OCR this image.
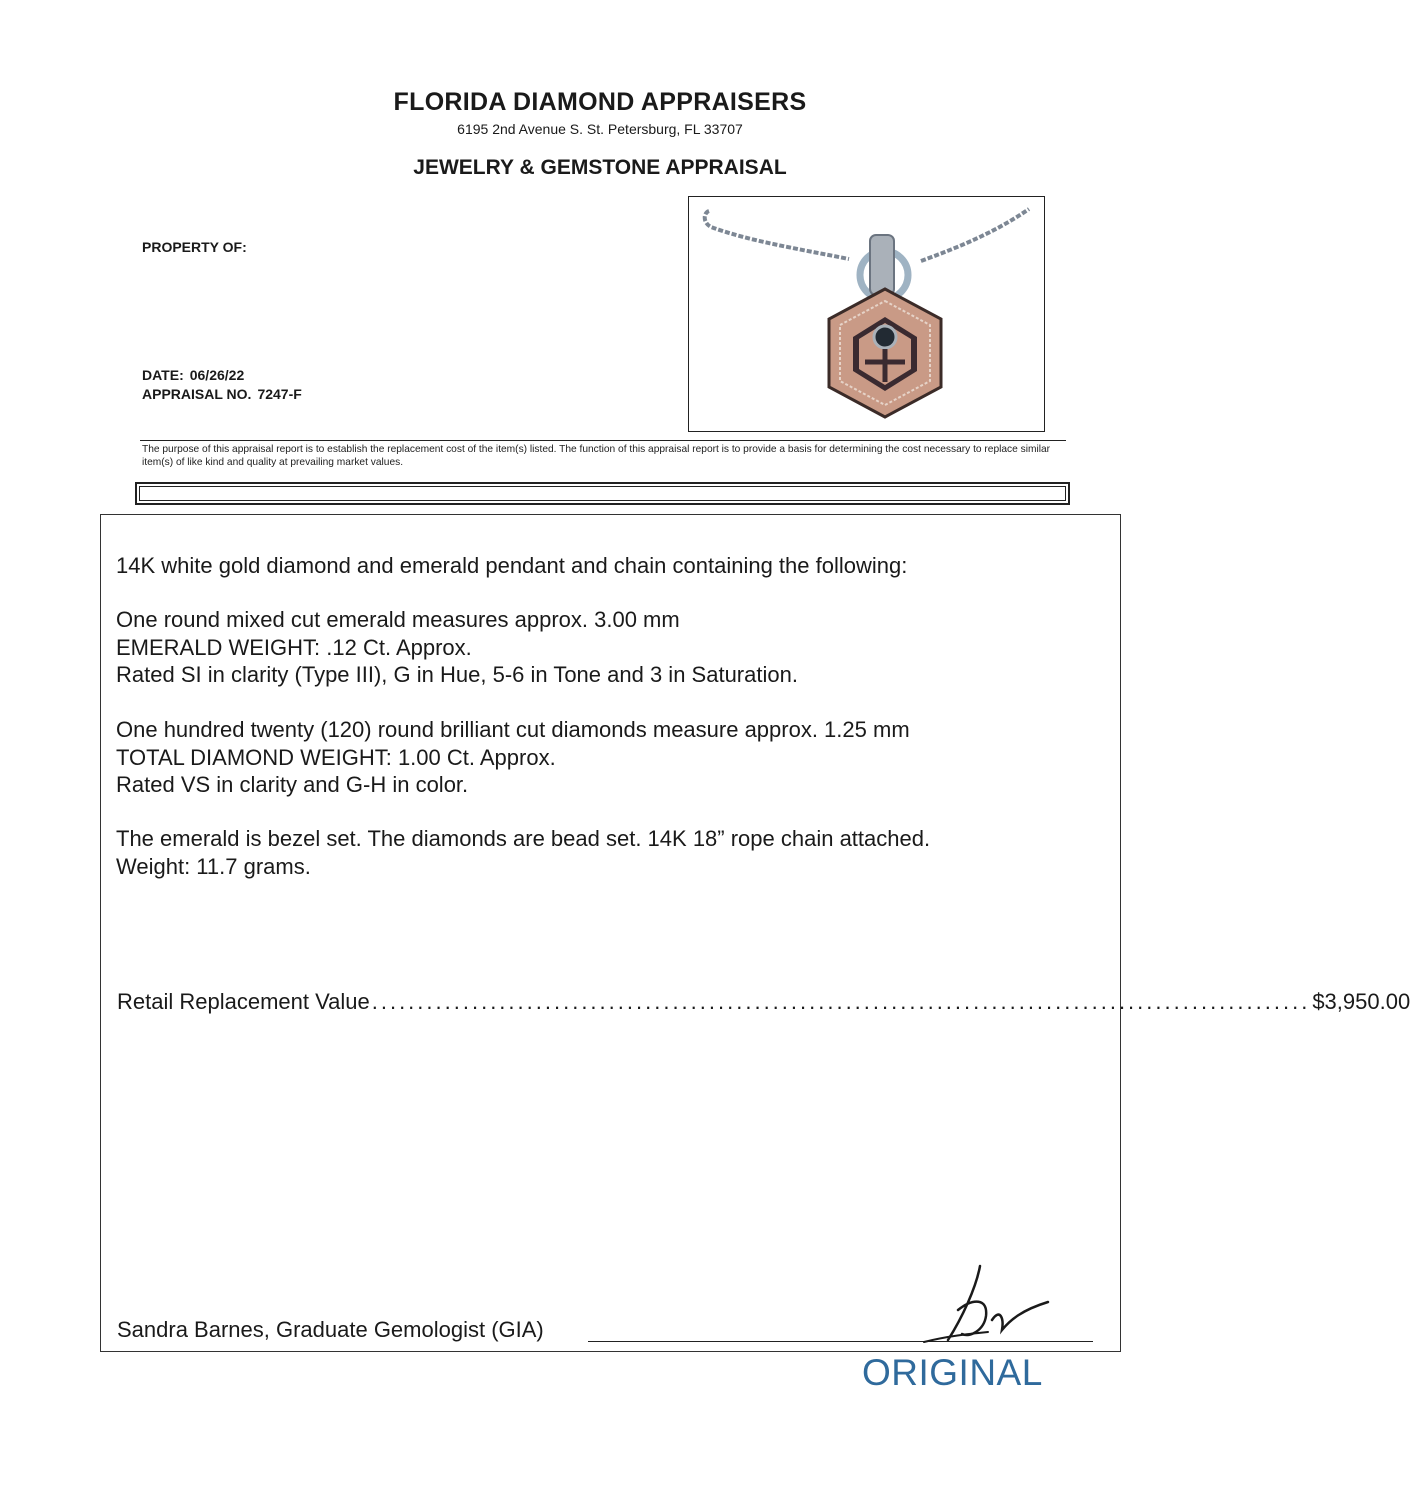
FLORIDA DIAMOND APPRAISERS
6195 2nd Avenue S. St. Petersburg, FL 33707
JEWELRY & GEMSTONE APPRAISAL
PROPERTY OF:
DATE: 06/26/22
APPRAISAL NO. 7247-F
The purpose of this appraisal report is to establish the replacement cost of the item(s) listed. The function of this appraisal report is to provide a basis for determining the cost necessary to replace similar item(s) of like kind and quality at prevailing market values.
14K white gold diamond and emerald pendant and chain containing the following:
One round mixed cut emerald measures approx. 3.00 mm
EMERALD WEIGHT: .12 Ct. Approx.
Rated SI in clarity (Type III), G in Hue, 5-6 in Tone and 3 in Saturation.
One hundred twenty (120) round brilliant cut diamonds measure approx. 1.25 mm
TOTAL DIAMOND WEIGHT: 1.00 Ct. Approx.
Rated VS in clarity and G-H in color.
The emerald is bezel set. The diamonds are bead set. 14K 18” rope chain attached.
Weight: 11.7 grams.
Retail Replacement Value ....................................................................................................... $3,950.00
Sandra Barnes, Graduate Gemologist (GIA)
ORIGINAL
